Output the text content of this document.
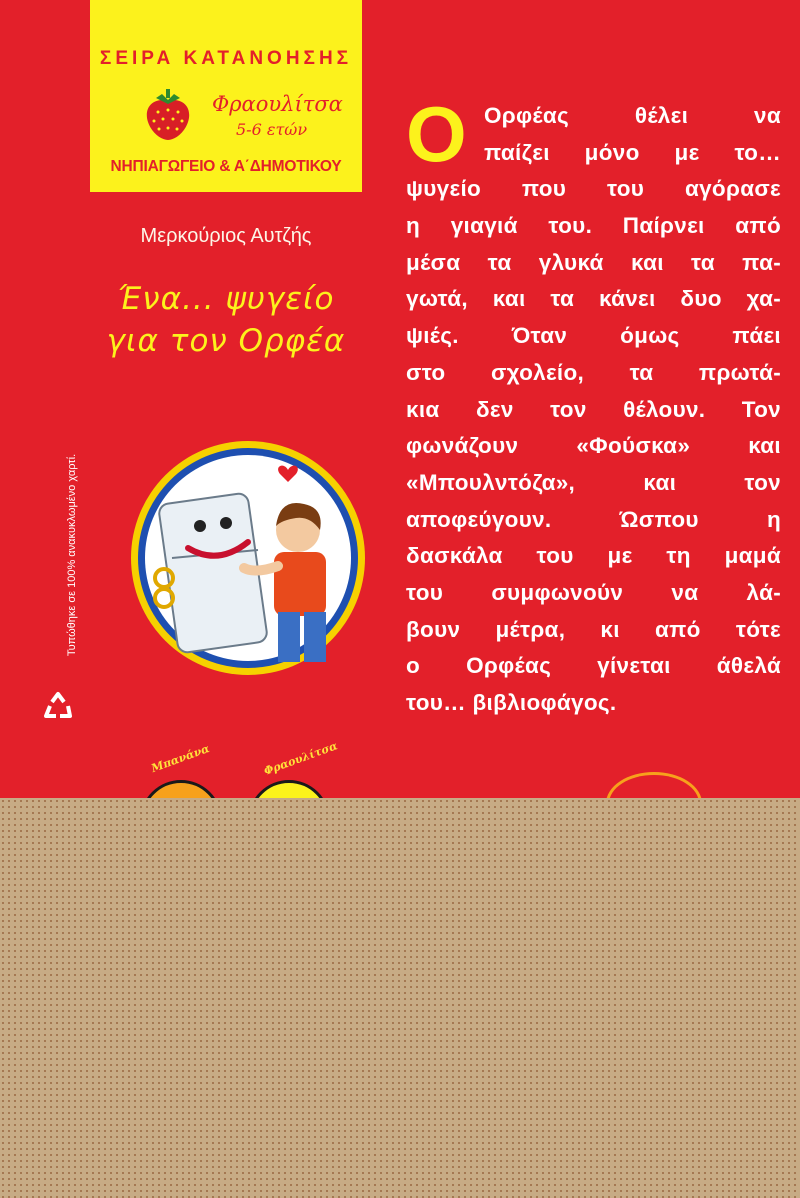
ΣΕΙΡΑ ΚΑΤΑΝΟΗΣΗΣ
Φραουλίτσα
5-6 ετών
ΝΗΠΙΑΓΩΓΕΙΟ & Α΄ΔΗΜΟΤΙΚΟΥ
Μερκούριος Αυτζής
Ένα... ψυγείο
για τον Ορφέα
Τυπώθηκε σε 100% ανακυκλωμένο χαρτί.
Ο Ορφέας θέλει να
παίζει μόνο με το…
ψυγείο που του αγόρασε
η γιαγιά του. Παίρνει από
μέσα τα γλυκά και τα πα-
γωτά, και τα κάνει δυο χα-
ψιές. Όταν όμως πάει
στο σχολείο, τα πρωτά-
κια δεν τον θέλουν. Τον
φωνάζουν «Φούσκα» και
«Μπουλντόζα», και τον
αποφεύγουν. Ώσπου η
δασκάλα του με τη μαμά
του συμφωνούν να λά-
βουν μέτρα, κι από τότε
ο Ορφέας γίνεται άθελά
του… βιβλιοφάγος.
Μπανάνα	Φραουλίτσα
